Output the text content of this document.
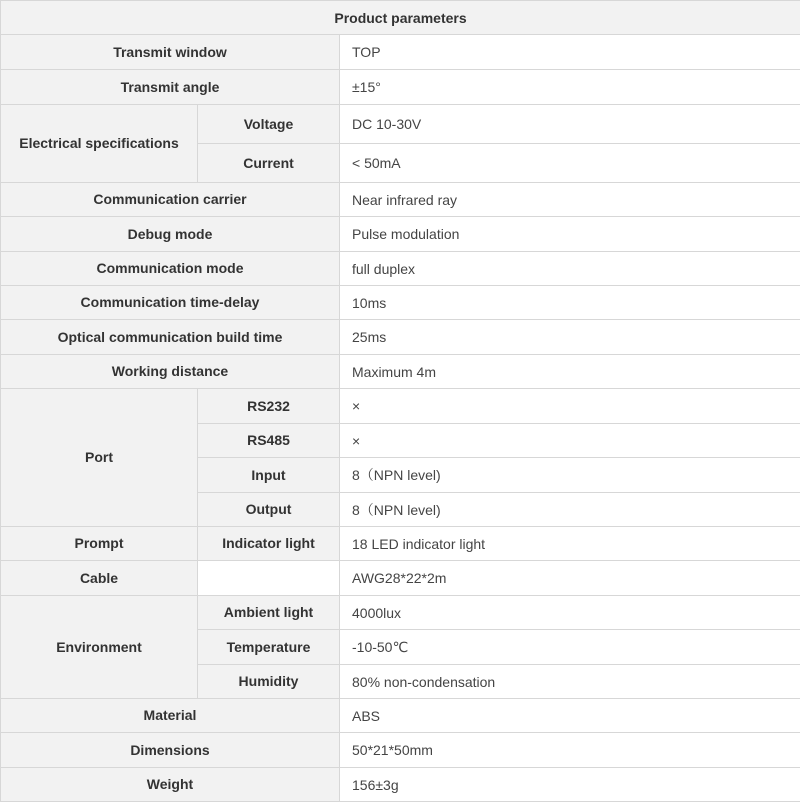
Product parameters		
Transmit window		TOP
Transmit angle		±15°
Electrical specifications	Voltage	DC 10-30V
	Current	< 50mA
Communication carrier		Near infrared ray
Debug mode		Pulse modulation
Communication mode		full duplex
Communication time-delay		10ms
Optical communication build time		25ms
Working distance		Maximum 4m
Port	RS232	×
	RS485	×
	Input	8（NPN level)
	Output	8（NPN level)
Prompt	Indicator light	18 LED indicator light
Cable		AWG28*22*2m
Environment	Ambient light	4000lux
	Temperature	-10-50℃
	Humidity	80% non-condensation
Material		ABS
Dimensions		50*21*50mm
Weight		156±3g
